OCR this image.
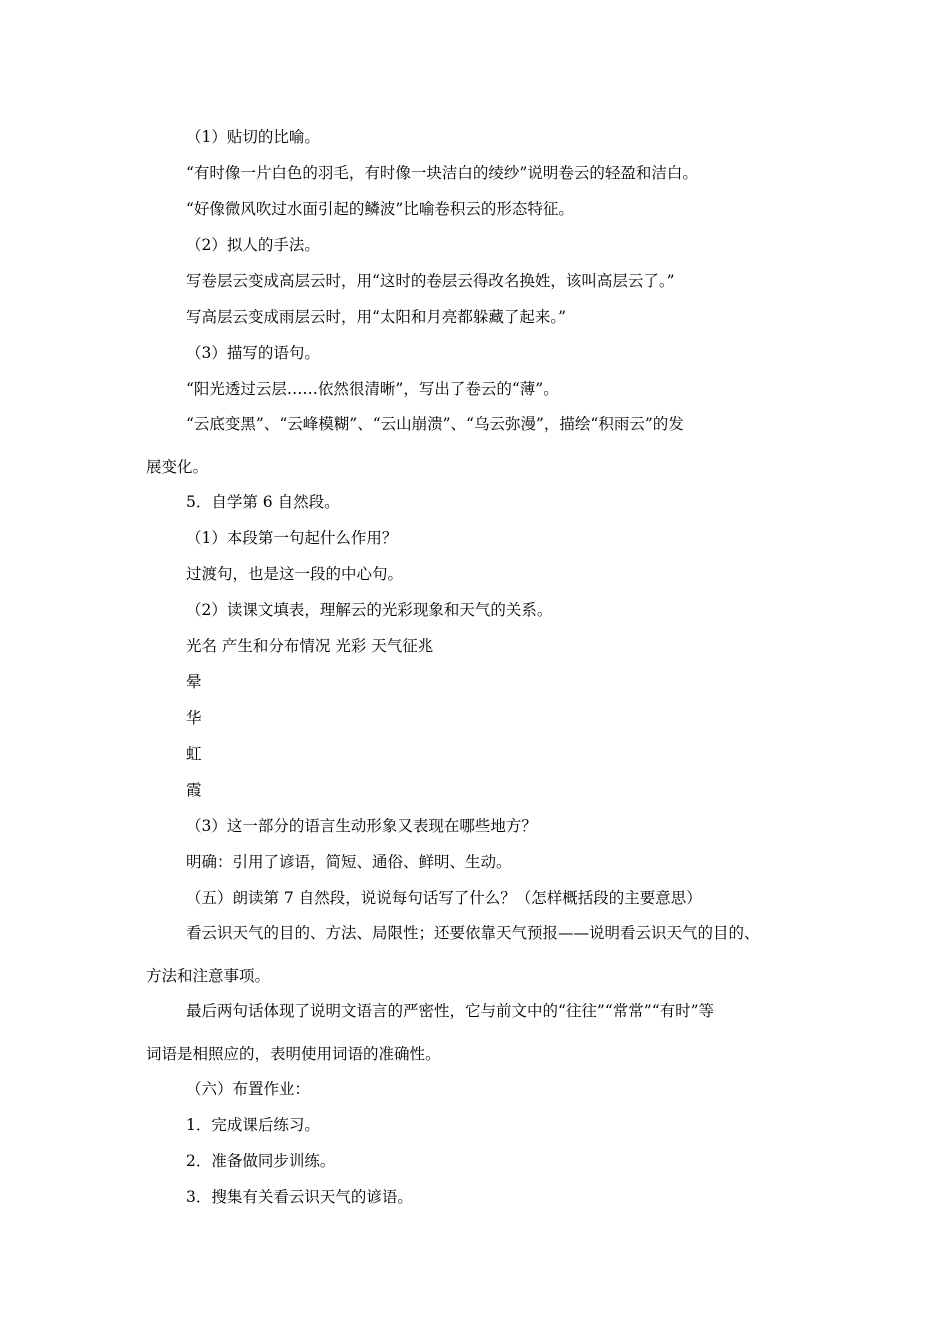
（1）贴切的比喻。
“有时像一片白色的羽毛，有时像一块洁白的绫纱”说明卷云的轻盈和洁白。
“好像微风吹过水面引起的鳞波”比喻卷积云的形态特征。
（2）拟人的手法。
写卷层云变成高层云时，用“这时的卷层云得改名换姓，该叫高层云了。”
写高层云变成雨层云时，用“太阳和月亮都躲藏了起来。”
（3）描写的语句。
“阳光透过云层……依然很清晰”，写出了卷云的“薄”。
“云底变黑”、“云峰模糊”、“云山崩溃”、“乌云弥漫”，描绘“积雨云”的发
展变化。
5．自学第 6 自然段。
（1）本段第一句起什么作用？
过渡句，也是这一段的中心句。
（2）读课文填表，理解云的光彩现象和天气的关系。
光名 产生和分布情况 光彩 天气征兆
晕
华
虹
霞
（3）这一部分的语言生动形象又表现在哪些地方？
明确：引用了谚语，简短、通俗、鲜明、生动。
（五）朗读第 7 自然段，说说每句话写了什么？（怎样概括段的主要意思）
看云识天气的目的、方法、局限性；还要依靠天气预报——说明看云识天气的目的、
方法和注意事项。
最后两句话体现了说明文语言的严密性，它与前文中的“往往”“常常”“有时”等
词语是相照应的，表明使用词语的准确性。
（六）布置作业：
1．完成课后练习。
2．准备做同步训练。
3．搜集有关看云识天气的谚语。
